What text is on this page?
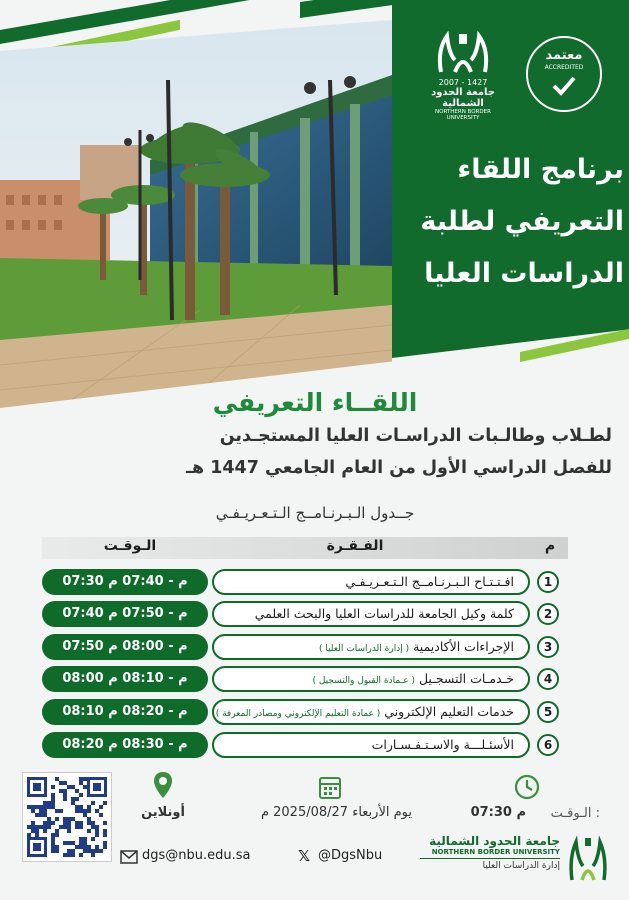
معتمد
ACCREDITED
2007 - 1427
جامعة الحدود الشمالية
NORTHERN BORDER UNIVERSITY
برنامج اللقاء
التعريفي لطلبة
الدراسات العليا
اللقــاء التعريفي
لطـلاب وطالـبات الدراسـات العليا المستجـدين
للفصل الدراسي الأول من العام الجامعي 1447 هـ
جــدول الـبـرنـامــج الـتـعـريـفـي
م
الفـقـرة
الـوقـت
1
افـتـتـاح الـبـرنـامــج الـتـعـريـفـي
07:30 م - 07:40 م
2
كلمة وكيل الجامعة للدراسات العليا والبحث العلمي
07:40 م - 07:50 م
3
الإجراءات الأكاديمية ( إدارة الدراسات العليا )
07:50 م - 08:00 م
4
خـدمـات التسجـيل ( عـمادة القبول والتسجيل )
08:00 م - 08:10 م
5
خدمات التعليم الإلكتروني ( عمادة التعليم الإلكتروني ومصادر المعرفة )
08:10 م - 08:20 م
6
الأسئـلـــة والاسـتـفـسـارات
08:20 م - 08:30 م
الـوقـت :
07:30 م
يوم الأربعاء 2025/08/27 م
أونلاين
dgs@nbu.edu.sa	𝕏 @DgsNbu
جامعة الحدود الشمالية
NORTHERN BORDER UNIVERSITY
إدارة الدراسات العليا
